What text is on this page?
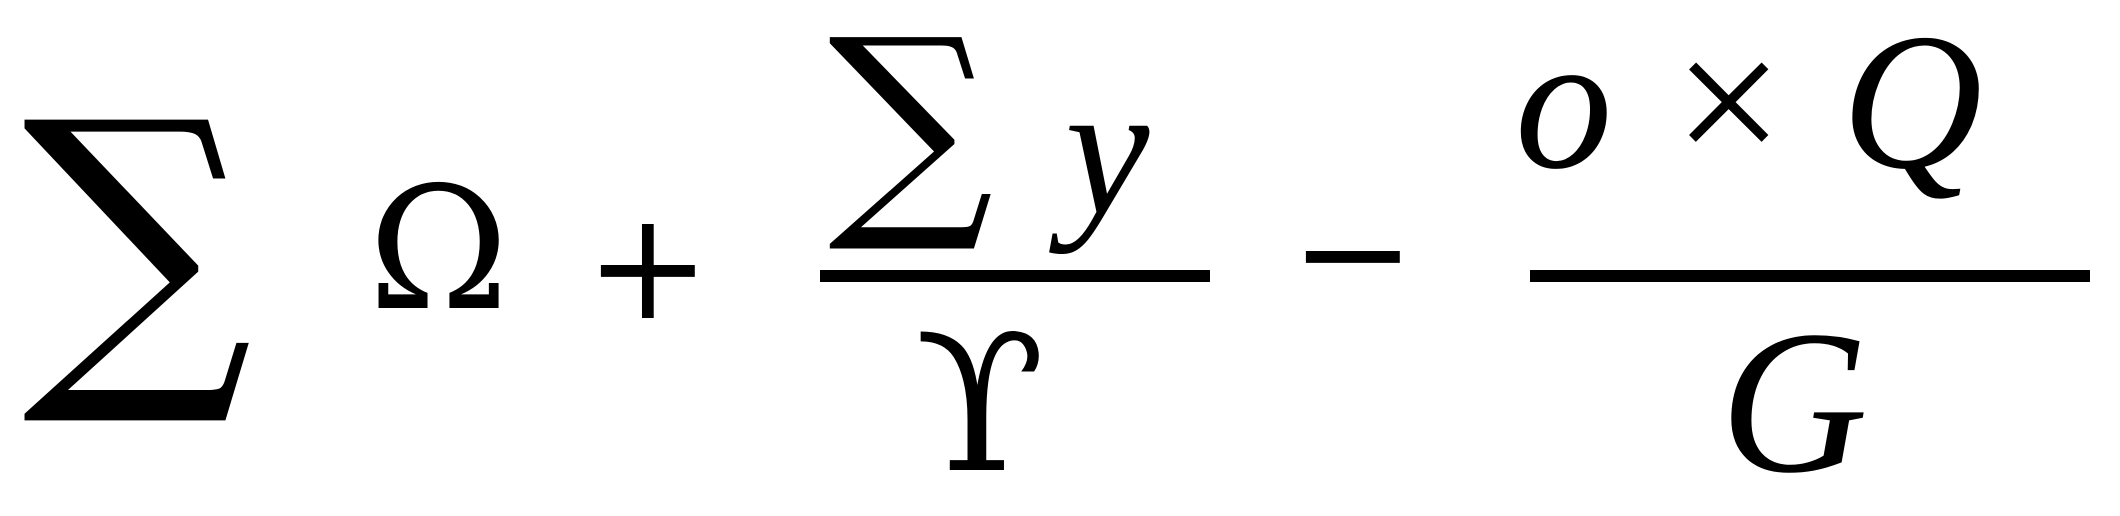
∑ Ω +
∑ y
ϒ
−
o × Q
G
